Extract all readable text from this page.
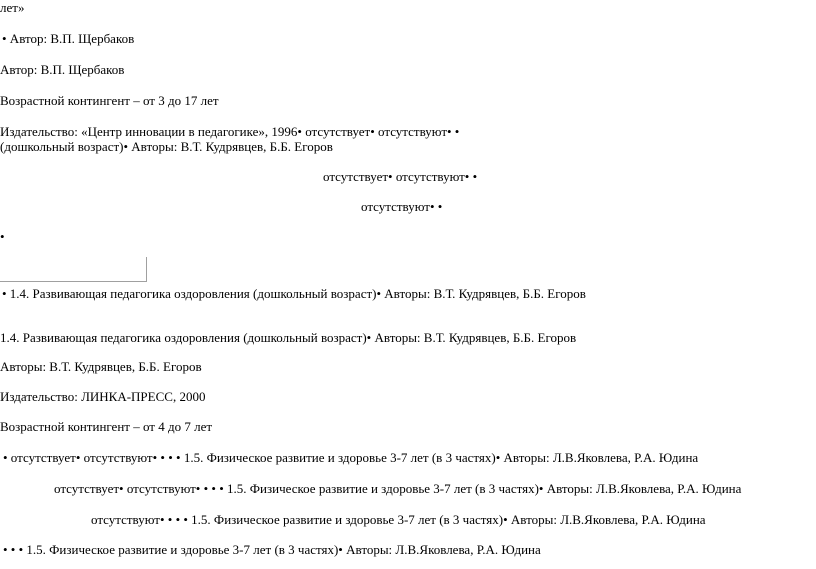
лет»
• Автор: В.П. Щербаков
Автор: В.П. Щербаков
Возрастной контингент – от 3 до 17 лет
Издательство: «Центр инновации в педагогике», 1996• отсутствует• отсутствуют• •
(дошкольный возраст)• Авторы: В.Т. Кудрявцев, Б.Б. Егоров
отсутствует• отсутствуют• •
отсутствуют• •
•
• 1.4. Развивающая педагогика оздоровления (дошкольный возраст)• Авторы: В.Т. Кудрявцев, Б.Б. Егоров
1.4. Развивающая педагогика оздоровления (дошкольный возраст)• Авторы: В.Т. Кудрявцев, Б.Б. Егоров
Авторы: В.Т. Кудрявцев, Б.Б. Егоров
Издательство: ЛИНКА-ПРЕСС, 2000
Возрастной контингент – от 4 до 7 лет
• отсутствует• отсутствуют• • • • 1.5. Физическое развитие и здоровье 3-7 лет (в 3 частях)• Авторы: Л.В.Яковлева, Р.А. Юдина
отсутствует• отсутствуют• • • • 1.5. Физическое развитие и здоровье 3-7 лет (в 3 частях)• Авторы: Л.В.Яковлева, Р.А. Юдина
отсутствуют• • • • 1.5. Физическое развитие и здоровье 3-7 лет (в 3 частях)• Авторы: Л.В.Яковлева, Р.А. Юдина
• • • 1.5. Физическое развитие и здоровье 3-7 лет (в 3 частях)• Авторы: Л.В.Яковлева, Р.А. Юдина
